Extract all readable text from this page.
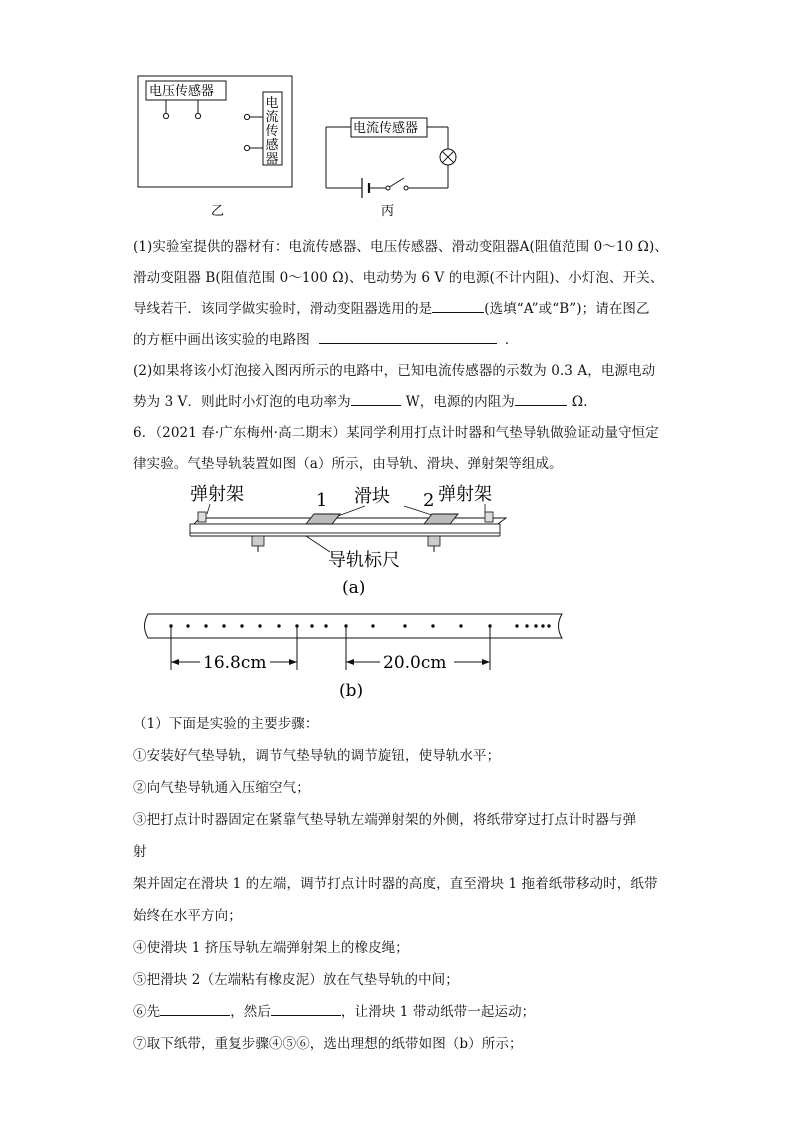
电压传感器
电
流
传
感
器
乙
电流传感器
丙
(1)实验室提供的器材有：电流传感器、电压传感器、滑动变阻器A(阻值范围 0～10 Ω)、
滑动变阻器 B(阻值范围 0～100 Ω)、电动势为 6 V 的电源(不计内阻)、小灯泡、开关、
导线若干．该同学做实验时，滑动变阻器选用的是	(选填“A”或“B”)；请在图乙
的方框中画出该实验的电路图	．
(2)如果将该小灯泡接入图丙所示的电路中，已知电流传感器的示数为 0.3 A，电源电动
势为 3 V．则此时小灯泡的电功率为	W，电源的内阻为	Ω.
6．（2021 春·广东梅州·高二期末）某同学利用打点计时器和气垫导轨做验证动量守恒定
律实验。气垫导轨装置如图（a）所示，由导轨、滑块、弹射架等组成。
弹射架	1 滑块 2 弹射架
导轨标尺
(a)
16.8cm	20.0cm
(b)
（1）下面是实验的主要步骤：
①安装好气垫导轨，调节气垫导轨的调节旋钮，使导轨水平；
②向气垫导轨通入压缩空气；
③把打点计时器固定在紧靠气垫导轨左端弹射架的外侧，将纸带穿过打点计时器与弹
射
架并固定在滑块 1 的左端，调节打点计时器的高度，直至滑块 1 拖着纸带移动时，纸带
始终在水平方向；
④使滑块 1 挤压导轨左端弹射架上的橡皮绳；
⑤把滑块 2（左端粘有橡皮泥）放在气垫导轨的中间；
⑥先	，然后	，让滑块 1 带动纸带一起运动；
⑦取下纸带，重复步骤④⑤⑥，选出理想的纸带如图（b）所示；
